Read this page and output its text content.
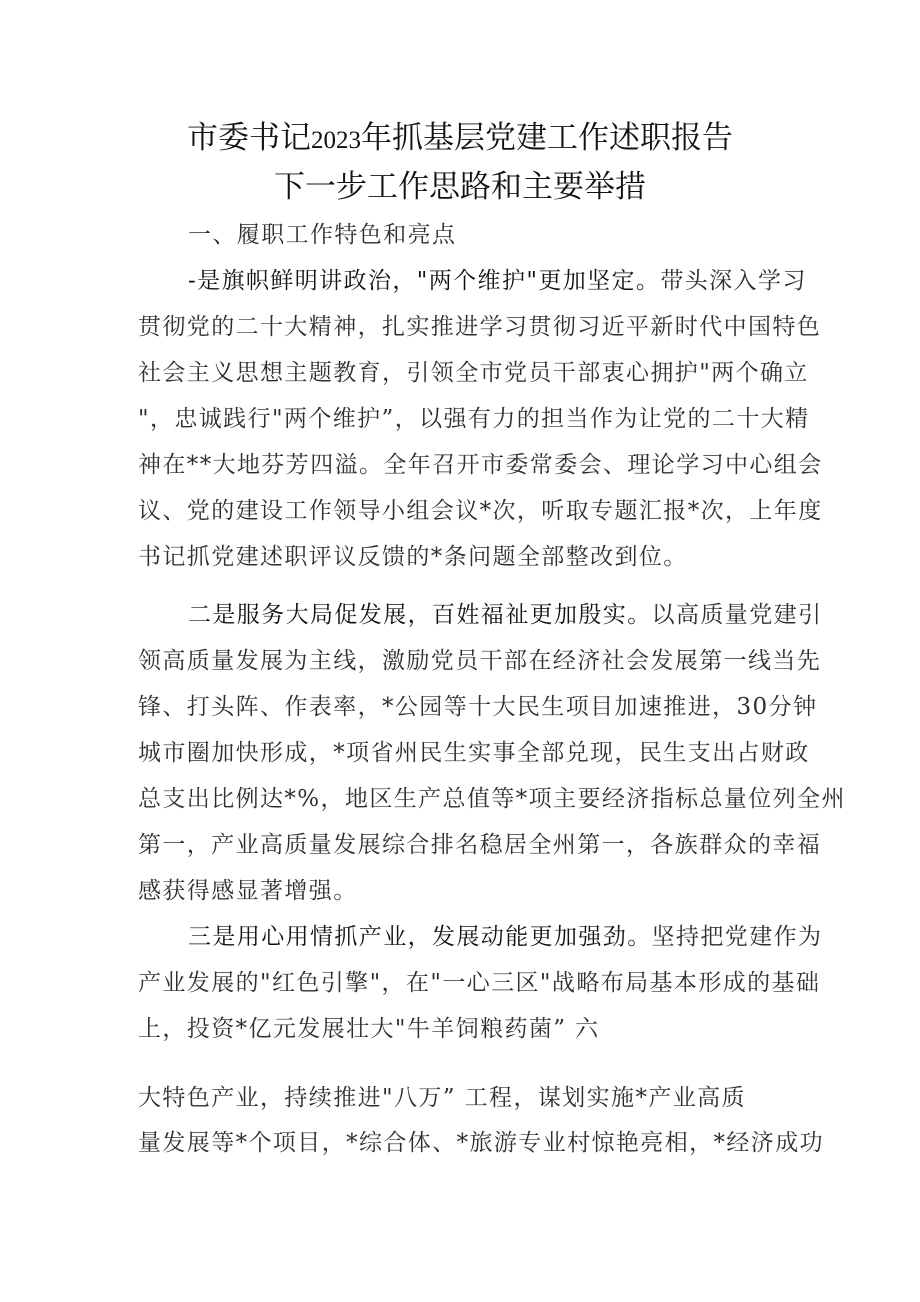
市委书记2023年抓基层党建工作述职报告
下一步工作思路和主要举措
一、履职工作特色和亮点
-是旗帜鲜明讲政治，"两个维护"更加坚定。带头深入学习
贯彻党的二十大精神，扎实推进学习贯彻习近平新时代中国特色
社会主义思想主题教育，引领全市党员干部衷心拥护"两个确立
"，忠诚践行"两个维护”，以强有力的担当作为让党的二十大精
神在**大地芬芳四溢。全年召开市委常委会、理论学习中心组会
议、党的建设工作领导小组会议*次，听取专题汇报*次，上年度
书记抓党建述职评议反馈的*条问题全部整改到位。
二是服务大局促发展，百姓福祉更加殷实。以高质量党建引
领高质量发展为主线，激励党员干部在经济社会发展第一线当先
锋、打头阵、作表率，*公园等十大民生项目加速推进，30分钟
城市圈加快形成，*项省州民生实事全部兑现，民生支出占财政
总支出比例达*%，地区生产总值等*项主要经济指标总量位列全州
第一，产业高质量发展综合排名稳居全州第一，各族群众的幸福
感获得感显著增强。
三是用心用情抓产业，发展动能更加强劲。坚持把党建作为
产业发展的"红色引擎"，在"一心三区"战略布局基本形成的基础
上，投资*亿元发展壮大"牛羊饲粮药菌” 六
大特色产业，持续推进"八万” 工程，谋划实施*产业高质
量发展等*个项目，*综合体、*旅游专业村惊艳亮相，*经济成功
